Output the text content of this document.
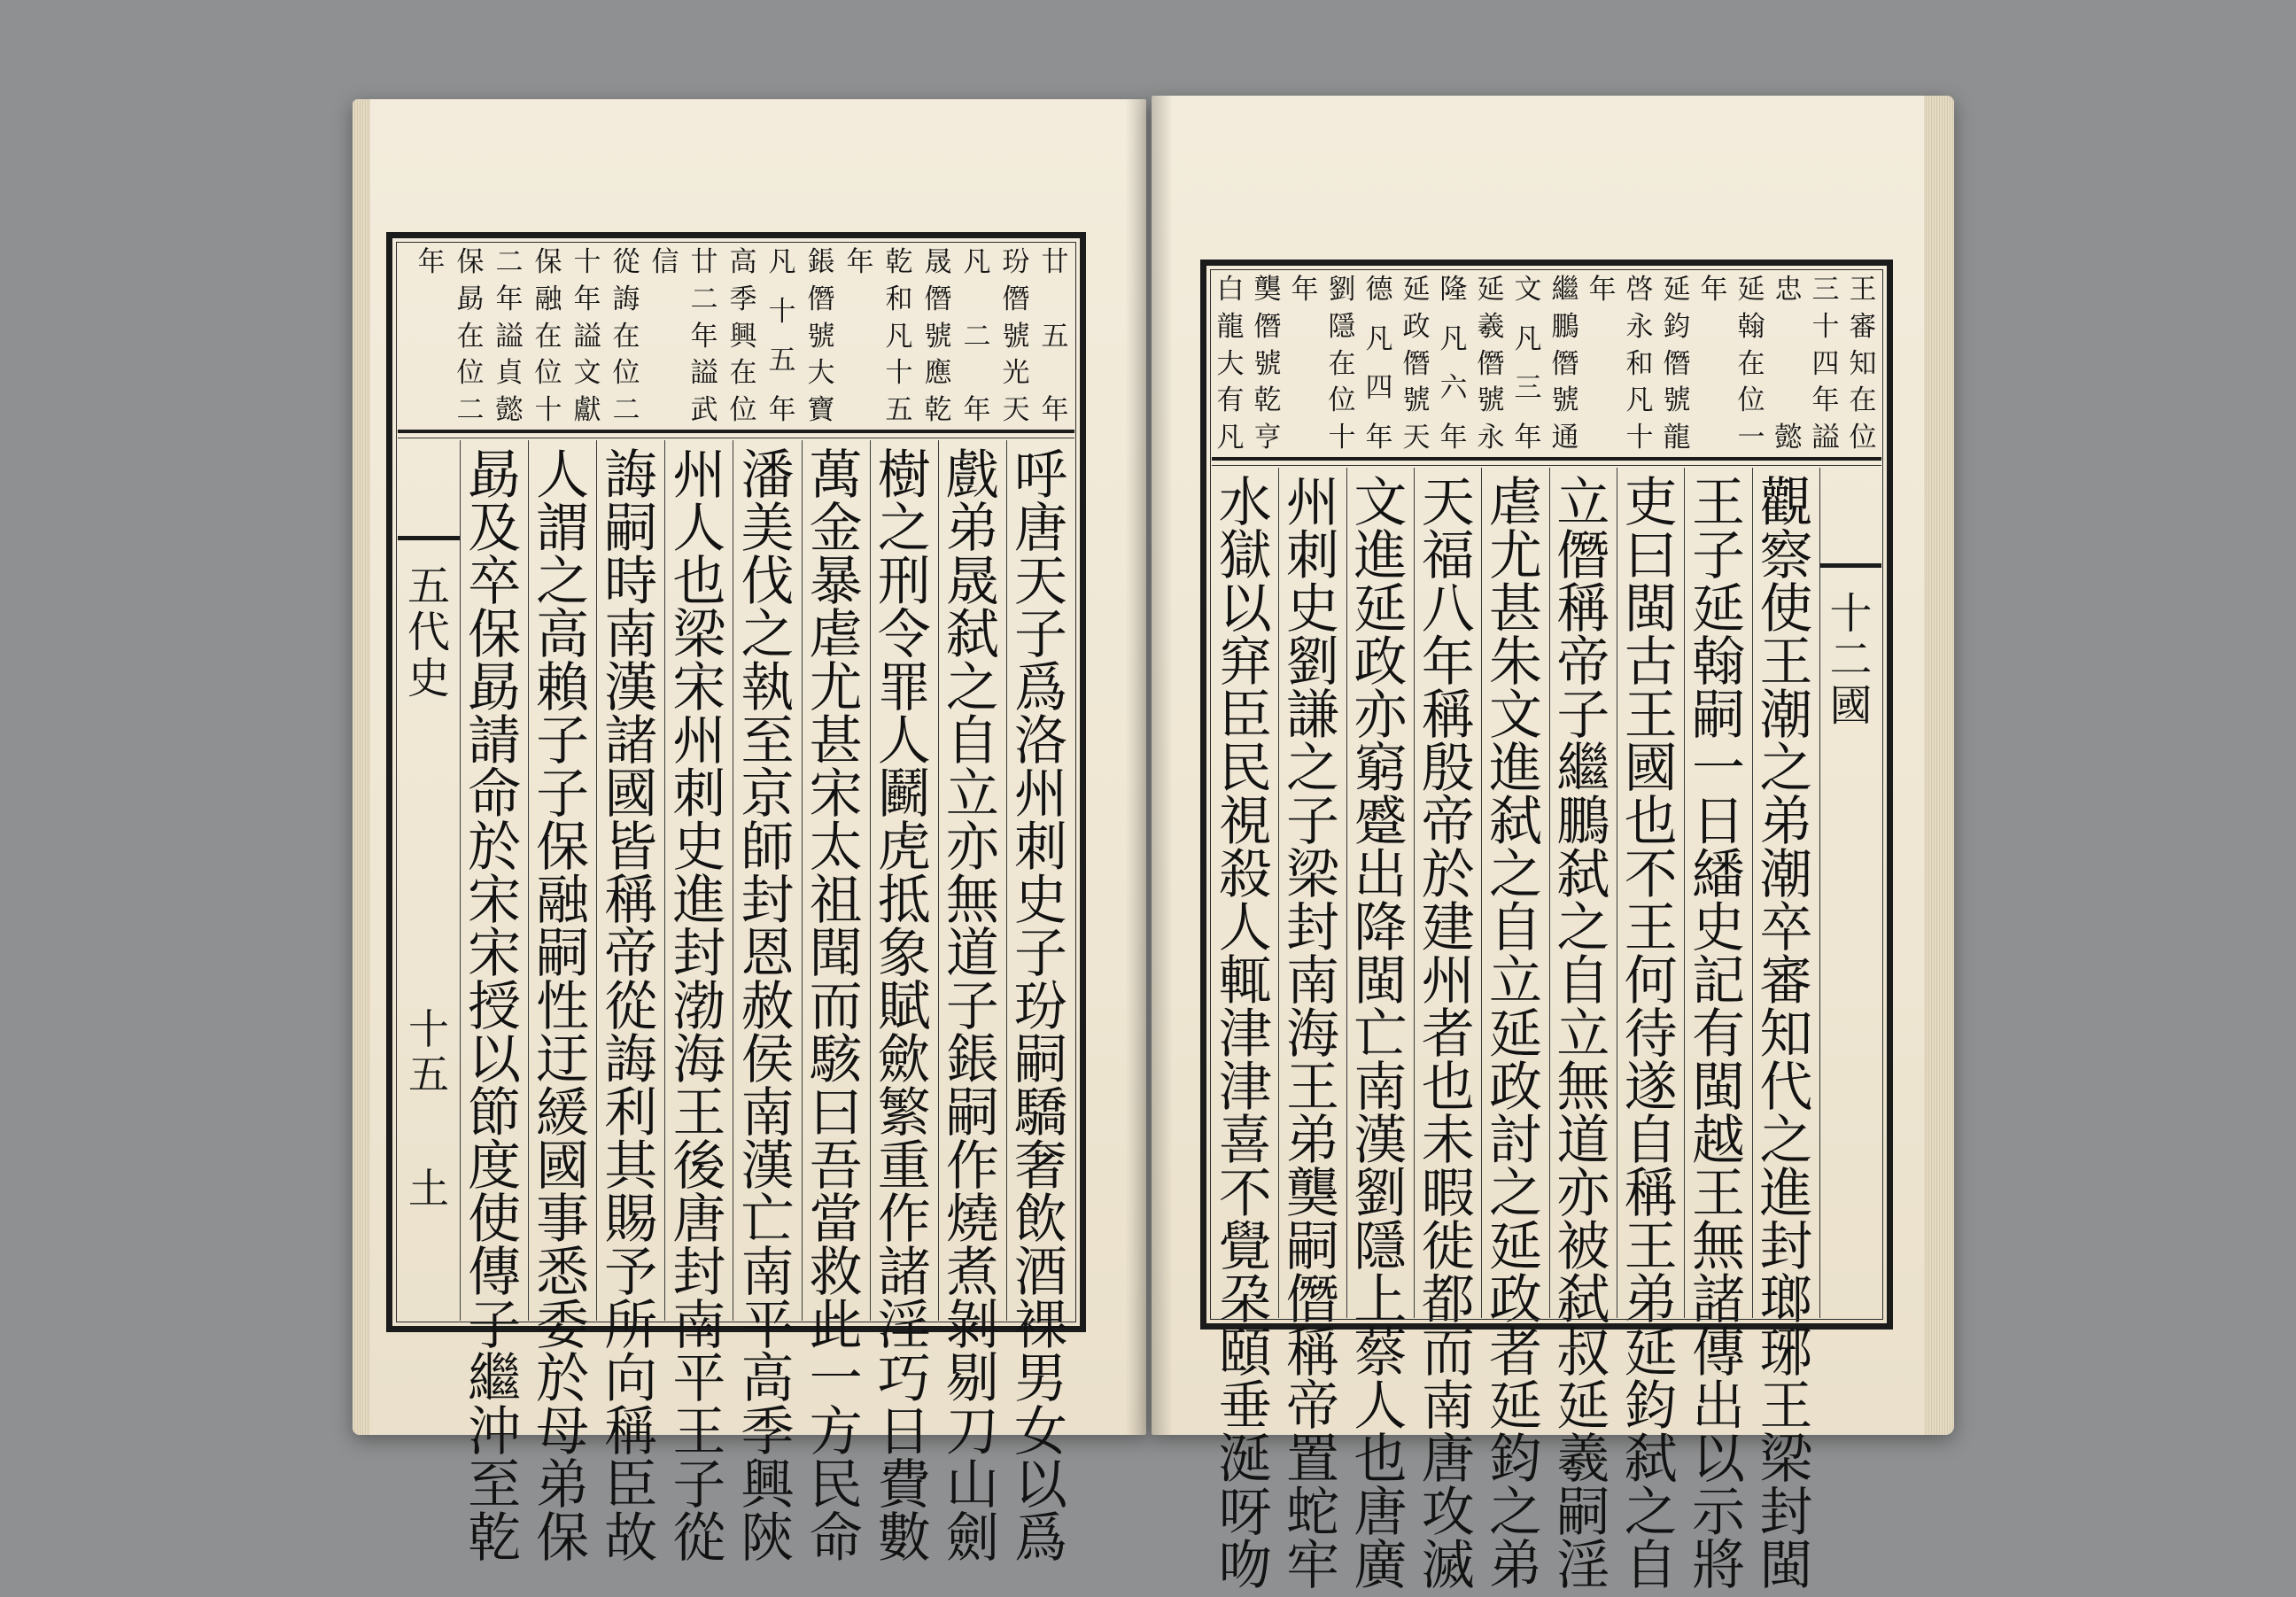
廿
五
年
玢
僭
號
光
天
凡
二
年
晟
僭
號
應
乾
乾
和
凡
十
五
年
鋹
僭
號
大
寶
凡
十
五
年
高
季
興
在
位
廿
二
年
謚
武
信
從
誨
在
位
二
十
年
謚
文
獻
保
融
在
位
十
二
年
謚
貞
懿
保
勗
在
位
二
年
呼
唐
天
子
爲
洛
州
刺
史
子
玢
嗣
驕
奢
飲
酒
裸
男
女
以
爲
戲
弟
晟
弑
之
自
立
亦
無
道
子
鋹
嗣
作
燒
煮
剝
剔
刀
山
劍
樹
之
刑
令
罪
人
鬬
虎
抵
象
賦
歛
繁
重
作
諸
淫
巧
日
費
數
萬
金
暴
虐
尤
甚
宋
太
祖
聞
而
駭
曰
吾
當
救
此
一
方
民
命
潘
美
伐
之
執
至
京
師
封
恩
赦
侯
南
漢
亡
南
平
高
季
興
陝
州
人
也
梁
宋
州
刺
史
進
封
渤
海
王
後
唐
封
南
平
王
子
從
誨
嗣
時
南
漢
諸
國
皆
稱
帝
從
誨
利
其
賜
予
所
向
稱
臣
故
人
謂
之
高
賴
子
子
保
融
嗣
性
迂
緩
國
事
悉
委
於
母
弟
保
勗
及
卒
保
勗
請
命
於
宋
宋
授
以
節
度
使
傳
子
繼
沖
至
乾
五
代
史
十
五
土
王
審
知
在
位
三
十
四
年
謚
忠
懿
延
翰
在
位
一
年
延
鈞
僭
號
龍
啓
永
和
凡
十
年
繼
鵬
僭
號
通
文
凡
三
年
延
羲
僭
號
永
隆
凡
六
年
延
政
僭
號
天
德
凡
四
年
劉
隱
在
位
十
年
龑
僭
號
乾
亨
白
龍
大
有
凡
十
二
國
觀
察
使
王
潮
之
弟
潮
卒
審
知
代
之
進
封
瑯
琊
王
梁
封
閩
王
子
延
翰
嗣
一
日
繙
史
記
有
閩
越
王
無
諸
傳
出
以
示
將
吏
曰
閩
古
王
國
也
不
王
何
待
遂
自
稱
王
弟
延
鈞
弑
之
自
立
僭
稱
帝
子
繼
鵬
弑
之
自
立
無
道
亦
被
弑
叔
延
羲
嗣
淫
虐
尤
甚
朱
文
進
弑
之
自
立
延
政
討
之
延
政
者
延
鈞
之
弟
天
福
八
年
稱
殷
帝
於
建
州
者
也
未
暇
徙
都
而
南
唐
攻
滅
文
進
延
政
亦
窮
蹙
出
降
閩
亡
南
漢
劉
隱
上
蔡
人
也
唐
廣
州
刺
史
劉
謙
之
子
梁
封
南
海
王
弟
龑
嗣
僭
稱
帝
置
蛇
牢
水
獄
以
穽
臣
民
視
殺
人
輒
津
津
喜
不
覺
朶
頤
垂
涎
呀
吻
